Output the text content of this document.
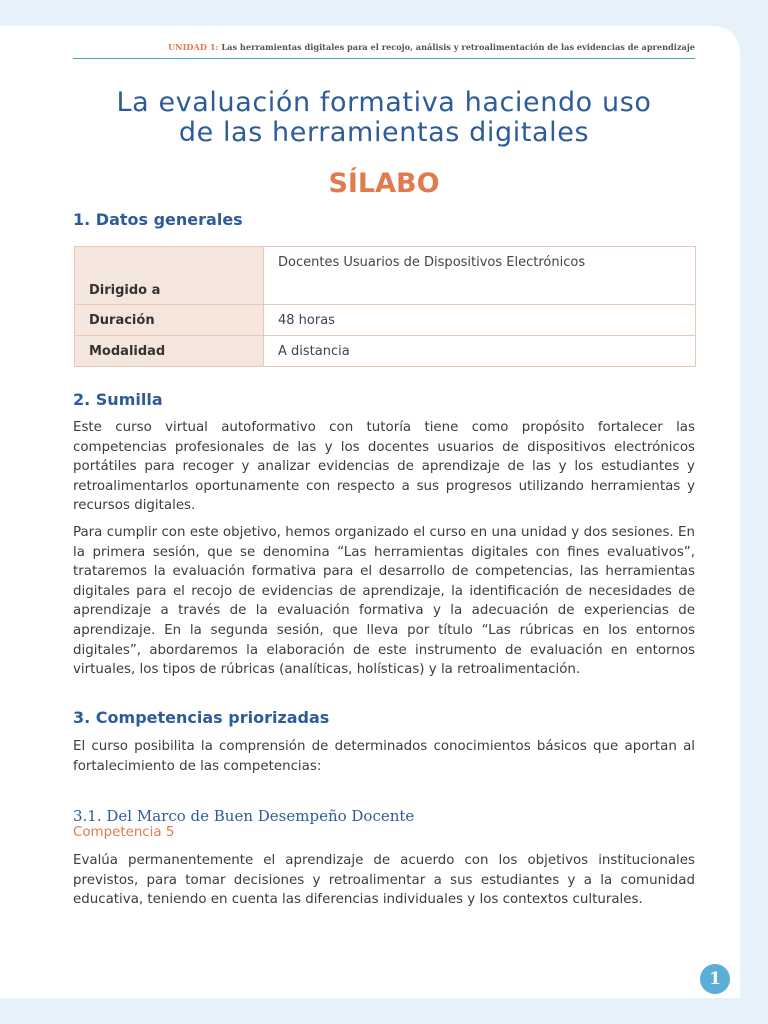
UNIDAD 1: Las herramientas digitales para el recojo, análisis y retroalimentación de las evidencias de aprendizaje
La evaluación formativa haciendo uso
de las herramientas digitales
SÍLABO
1. Datos generales
Dirigido a	Docentes Usuarios de Dispositivos Electrónicos
Duración	48 horas
Modalidad	A distancia
2. Sumilla
Este curso virtual autoformativo con tutoría tiene como propósito fortalecer las competencias profesionales de las y los docentes usuarios de dispositivos electrónicos portátiles para recoger y analizar evidencias de aprendizaje de las y los estudiantes y retroalimentarlos oportunamente con respecto a sus progresos utilizando herramientas y recursos digitales.
Para cumplir con este objetivo, hemos organizado el curso en una unidad y dos sesiones. En la primera sesión, que se denomina “Las herramientas digitales con fines evaluativos”, trataremos la evaluación formativa para el desarrollo de competencias, las herramientas digitales para el recojo de evidencias de aprendizaje, la identificación de necesidades de aprendizaje a través de la evaluación formativa y la adecuación de experiencias de aprendizaje. En la segunda sesión, que lleva por título “Las rúbricas en los entornos digitales”, abordaremos la elaboración de este instrumento de evaluación en entornos virtuales, los tipos de rúbricas (analíticas, holísticas) y la retroalimentación.
3. Competencias priorizadas
El curso posibilita la comprensión de determinados conocimientos básicos que aportan al fortalecimiento de las competencias:
3.1. Del Marco de Buen Desempeño Docente
Competencia 5
Evalúa permanentemente el aprendizaje de acuerdo con los objetivos institucionales previstos, para tomar decisiones y retroalimentar a sus estudiantes y a la comunidad educativa, teniendo en cuenta las diferencias individuales y los contextos culturales.
1
